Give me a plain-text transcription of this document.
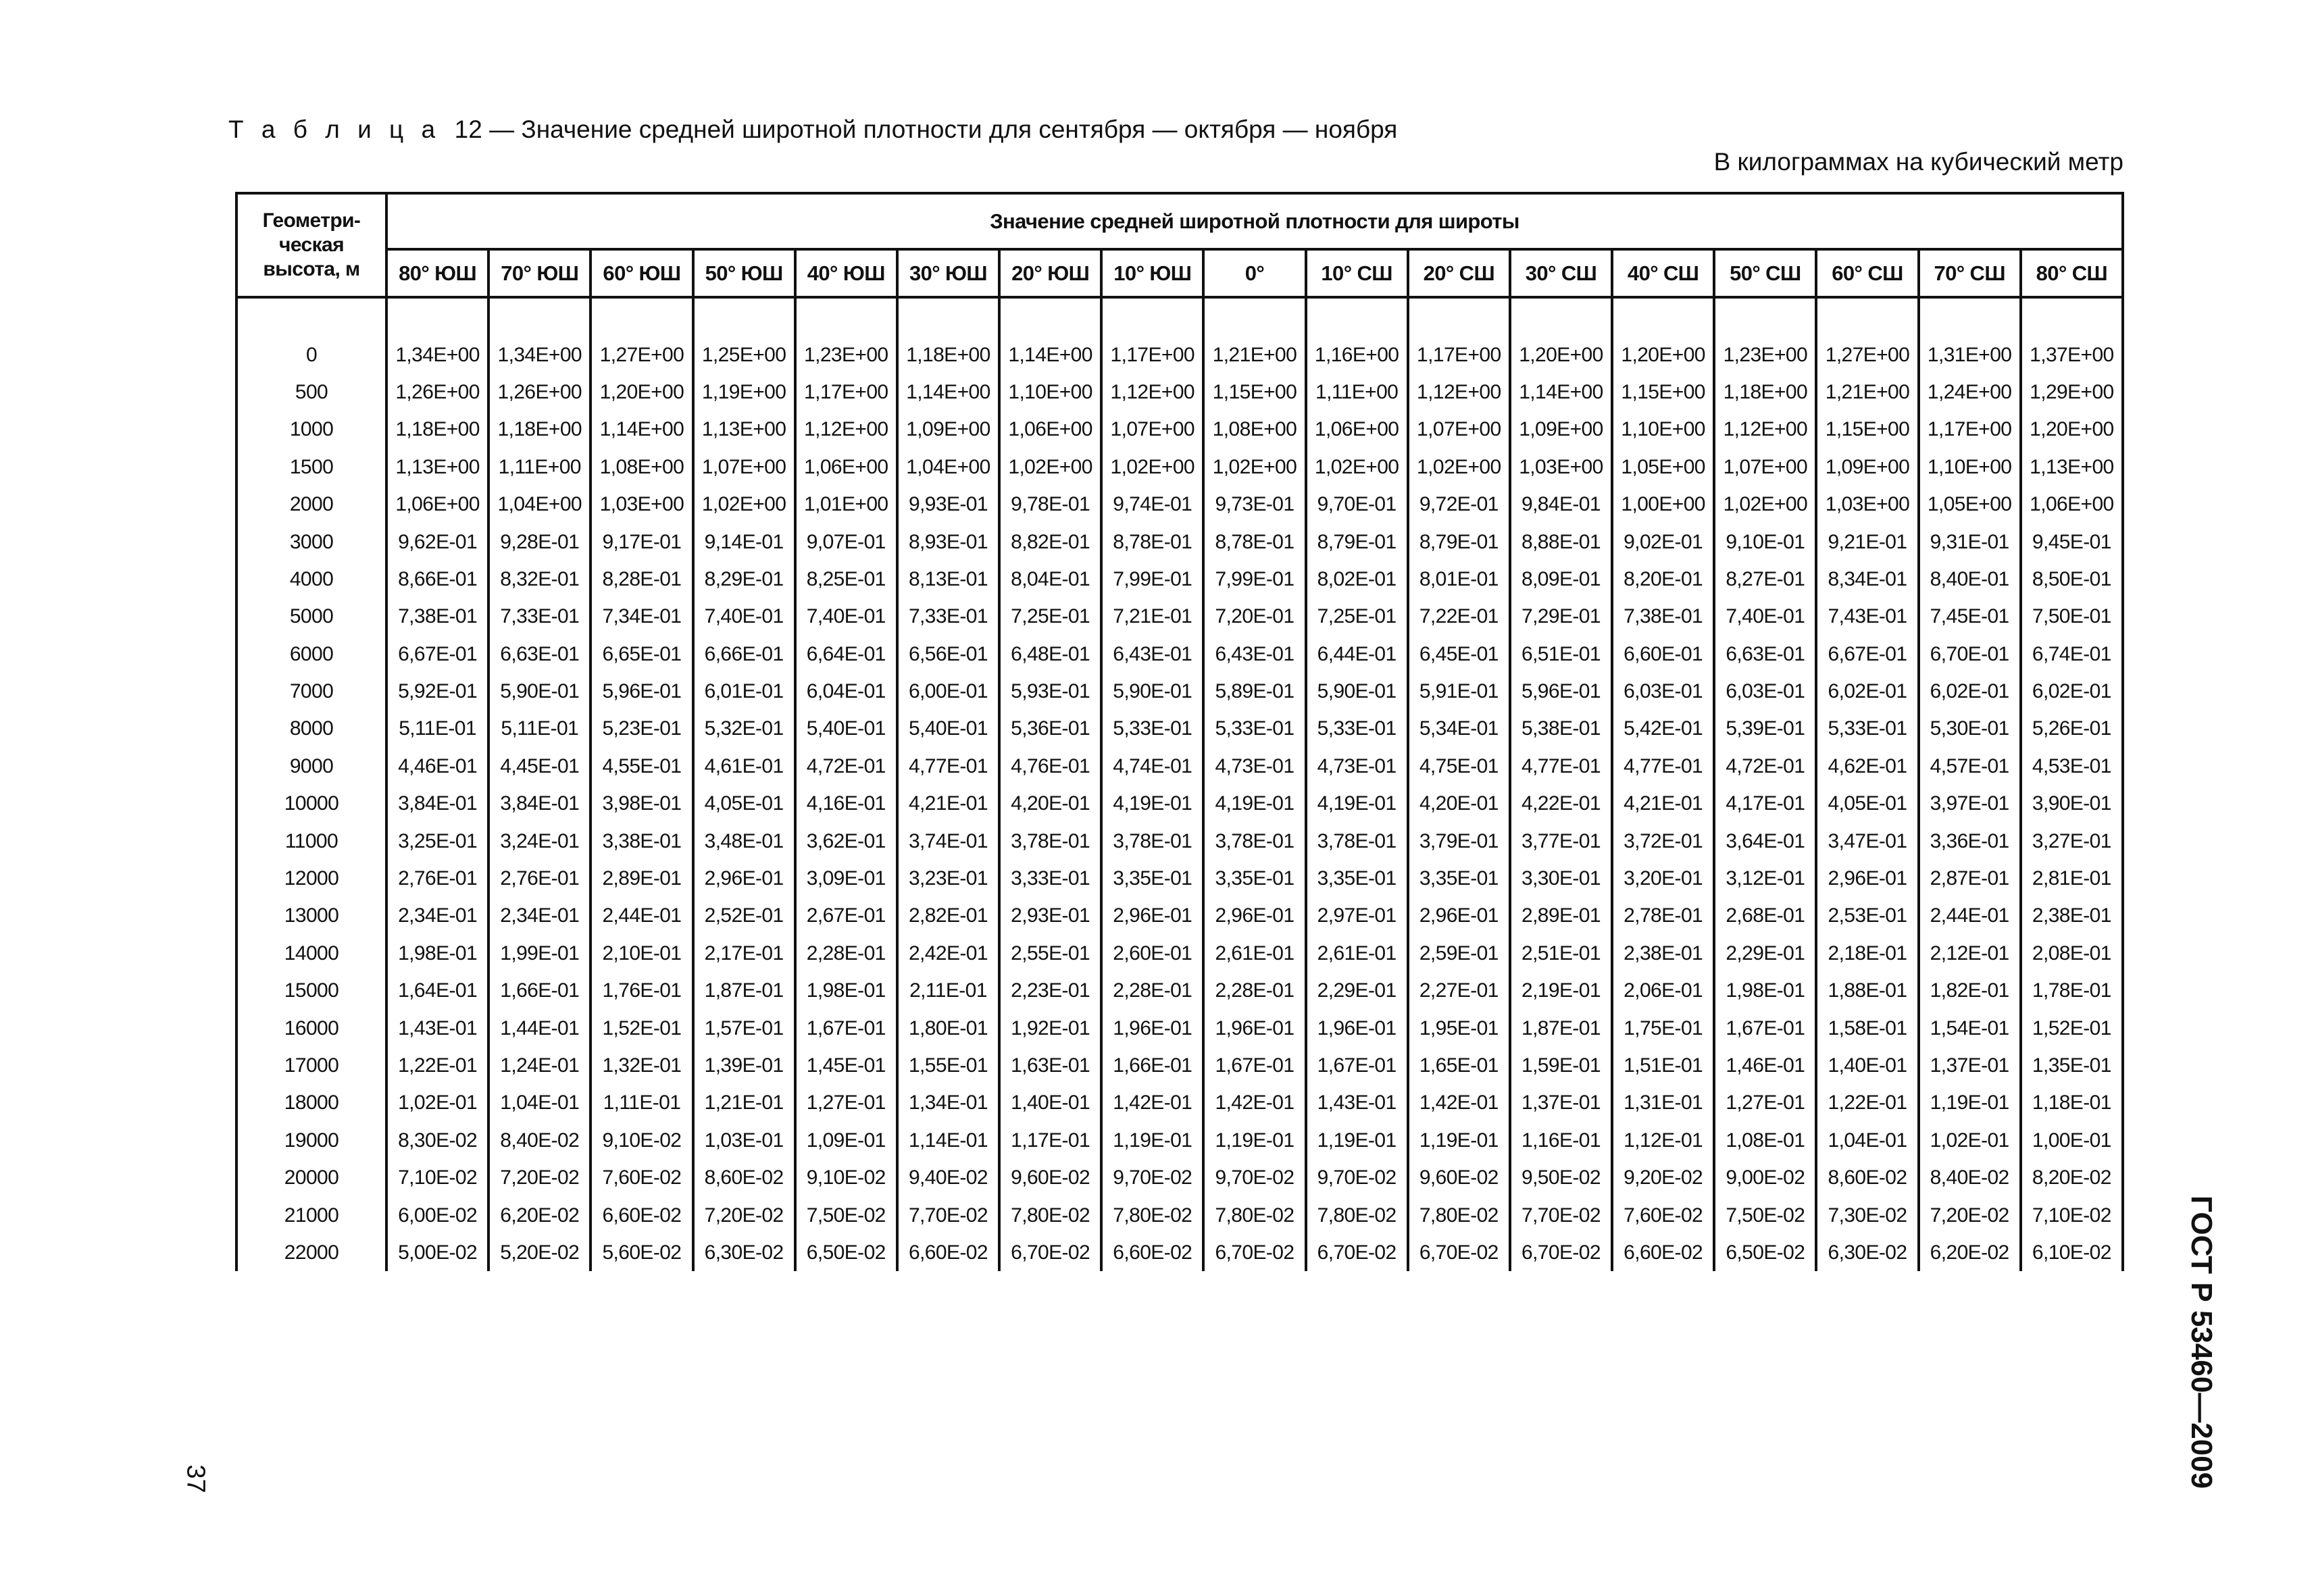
Т а б л и ц а 12 — Значение средней широтной плотности для сентября — октября — ноября
В килограммах на кубический метр
Геометри-
ческая
высота, м	Значение средней широтной плотности для широты																
	80° ЮШ	70° ЮШ	60° ЮШ	50° ЮШ	40° ЮШ	30° ЮШ	20° ЮШ	10° ЮШ	0°	10° СШ	20° СШ	30° СШ	40° СШ	50° СШ	60° СШ	70° СШ	80° СШ

0	1,34E+00	1,34E+00	1,27E+00	1,25E+00	1,23E+00	1,18E+00	1,14E+00	1,17E+00	1,21E+00	1,16E+00	1,17E+00	1,20E+00	1,20E+00	1,23E+00	1,27E+00	1,31E+00	1,37E+00
500	1,26E+00	1,26E+00	1,20E+00	1,19E+00	1,17E+00	1,14E+00	1,10E+00	1,12E+00	1,15E+00	1,11E+00	1,12E+00	1,14E+00	1,15E+00	1,18E+00	1,21E+00	1,24E+00	1,29E+00
1000	1,18E+00	1,18E+00	1,14E+00	1,13E+00	1,12E+00	1,09E+00	1,06E+00	1,07E+00	1,08E+00	1,06E+00	1,07E+00	1,09E+00	1,10E+00	1,12E+00	1,15E+00	1,17E+00	1,20E+00
1500	1,13E+00	1,11E+00	1,08E+00	1,07E+00	1,06E+00	1,04E+00	1,02E+00	1,02E+00	1,02E+00	1,02E+00	1,02E+00	1,03E+00	1,05E+00	1,07E+00	1,09E+00	1,10E+00	1,13E+00
2000	1,06E+00	1,04E+00	1,03E+00	1,02E+00	1,01E+00	9,93E-01	9,78E-01	9,74E-01	9,73E-01	9,70E-01	9,72E-01	9,84E-01	1,00E+00	1,02E+00	1,03E+00	1,05E+00	1,06E+00
3000	9,62E-01	9,28E-01	9,17E-01	9,14E-01	9,07E-01	8,93E-01	8,82E-01	8,78E-01	8,78E-01	8,79E-01	8,79E-01	8,88E-01	9,02E-01	9,10E-01	9,21E-01	9,31E-01	9,45E-01
4000	8,66E-01	8,32E-01	8,28E-01	8,29E-01	8,25E-01	8,13E-01	8,04E-01	7,99E-01	7,99E-01	8,02E-01	8,01E-01	8,09E-01	8,20E-01	8,27E-01	8,34E-01	8,40E-01	8,50E-01
5000	7,38E-01	7,33E-01	7,34E-01	7,40E-01	7,40E-01	7,33E-01	7,25E-01	7,21E-01	7,20E-01	7,25E-01	7,22E-01	7,29E-01	7,38E-01	7,40E-01	7,43E-01	7,45E-01	7,50E-01
6000	6,67E-01	6,63E-01	6,65E-01	6,66E-01	6,64E-01	6,56E-01	6,48E-01	6,43E-01	6,43E-01	6,44E-01	6,45E-01	6,51E-01	6,60E-01	6,63E-01	6,67E-01	6,70E-01	6,74E-01
7000	5,92E-01	5,90E-01	5,96E-01	6,01E-01	6,04E-01	6,00E-01	5,93E-01	5,90E-01	5,89E-01	5,90E-01	5,91E-01	5,96E-01	6,03E-01	6,03E-01	6,02E-01	6,02E-01	6,02E-01
8000	5,11E-01	5,11E-01	5,23E-01	5,32E-01	5,40E-01	5,40E-01	5,36E-01	5,33E-01	5,33E-01	5,33E-01	5,34E-01	5,38E-01	5,42E-01	5,39E-01	5,33E-01	5,30E-01	5,26E-01
9000	4,46E-01	4,45E-01	4,55E-01	4,61E-01	4,72E-01	4,77E-01	4,76E-01	4,74E-01	4,73E-01	4,73E-01	4,75E-01	4,77E-01	4,77E-01	4,72E-01	4,62E-01	4,57E-01	4,53E-01
10000	3,84E-01	3,84E-01	3,98E-01	4,05E-01	4,16E-01	4,21E-01	4,20E-01	4,19E-01	4,19E-01	4,19E-01	4,20E-01	4,22E-01	4,21E-01	4,17E-01	4,05E-01	3,97E-01	3,90E-01
11000	3,25E-01	3,24E-01	3,38E-01	3,48E-01	3,62E-01	3,74E-01	3,78E-01	3,78E-01	3,78E-01	3,78E-01	3,79E-01	3,77E-01	3,72E-01	3,64E-01	3,47E-01	3,36E-01	3,27E-01
12000	2,76E-01	2,76E-01	2,89E-01	2,96E-01	3,09E-01	3,23E-01	3,33E-01	3,35E-01	3,35E-01	3,35E-01	3,35E-01	3,30E-01	3,20E-01	3,12E-01	2,96E-01	2,87E-01	2,81E-01
13000	2,34E-01	2,34E-01	2,44E-01	2,52E-01	2,67E-01	2,82E-01	2,93E-01	2,96E-01	2,96E-01	2,97E-01	2,96E-01	2,89E-01	2,78E-01	2,68E-01	2,53E-01	2,44E-01	2,38E-01
14000	1,98E-01	1,99E-01	2,10E-01	2,17E-01	2,28E-01	2,42E-01	2,55E-01	2,60E-01	2,61E-01	2,61E-01	2,59E-01	2,51E-01	2,38E-01	2,29E-01	2,18E-01	2,12E-01	2,08E-01
15000	1,64E-01	1,66E-01	1,76E-01	1,87E-01	1,98E-01	2,11E-01	2,23E-01	2,28E-01	2,28E-01	2,29E-01	2,27E-01	2,19E-01	2,06E-01	1,98E-01	1,88E-01	1,82E-01	1,78E-01
16000	1,43E-01	1,44E-01	1,52E-01	1,57E-01	1,67E-01	1,80E-01	1,92E-01	1,96E-01	1,96E-01	1,96E-01	1,95E-01	1,87E-01	1,75E-01	1,67E-01	1,58E-01	1,54E-01	1,52E-01
17000	1,22E-01	1,24E-01	1,32E-01	1,39E-01	1,45E-01	1,55E-01	1,63E-01	1,66E-01	1,67E-01	1,67E-01	1,65E-01	1,59E-01	1,51E-01	1,46E-01	1,40E-01	1,37E-01	1,35E-01
18000	1,02E-01	1,04E-01	1,11E-01	1,21E-01	1,27E-01	1,34E-01	1,40E-01	1,42E-01	1,42E-01	1,43E-01	1,42E-01	1,37E-01	1,31E-01	1,27E-01	1,22E-01	1,19E-01	1,18E-01
19000	8,30E-02	8,40E-02	9,10E-02	1,03E-01	1,09E-01	1,14E-01	1,17E-01	1,19E-01	1,19E-01	1,19E-01	1,19E-01	1,16E-01	1,12E-01	1,08E-01	1,04E-01	1,02E-01	1,00E-01
20000	7,10E-02	7,20E-02	7,60E-02	8,60E-02	9,10E-02	9,40E-02	9,60E-02	9,70E-02	9,70E-02	9,70E-02	9,60E-02	9,50E-02	9,20E-02	9,00E-02	8,60E-02	8,40E-02	8,20E-02
21000	6,00E-02	6,20E-02	6,60E-02	7,20E-02	7,50E-02	7,70E-02	7,80E-02	7,80E-02	7,80E-02	7,80E-02	7,80E-02	7,70E-02	7,60E-02	7,50E-02	7,30E-02	7,20E-02	7,10E-02
22000	5,00E-02	5,20E-02	5,60E-02	6,30E-02	6,50E-02	6,60E-02	6,70E-02	6,60E-02	6,70E-02	6,70E-02	6,70E-02	6,70E-02	6,60E-02	6,50E-02	6,30E-02	6,20E-02	6,10E-02 ГОСТ Р 53460—2009
37
